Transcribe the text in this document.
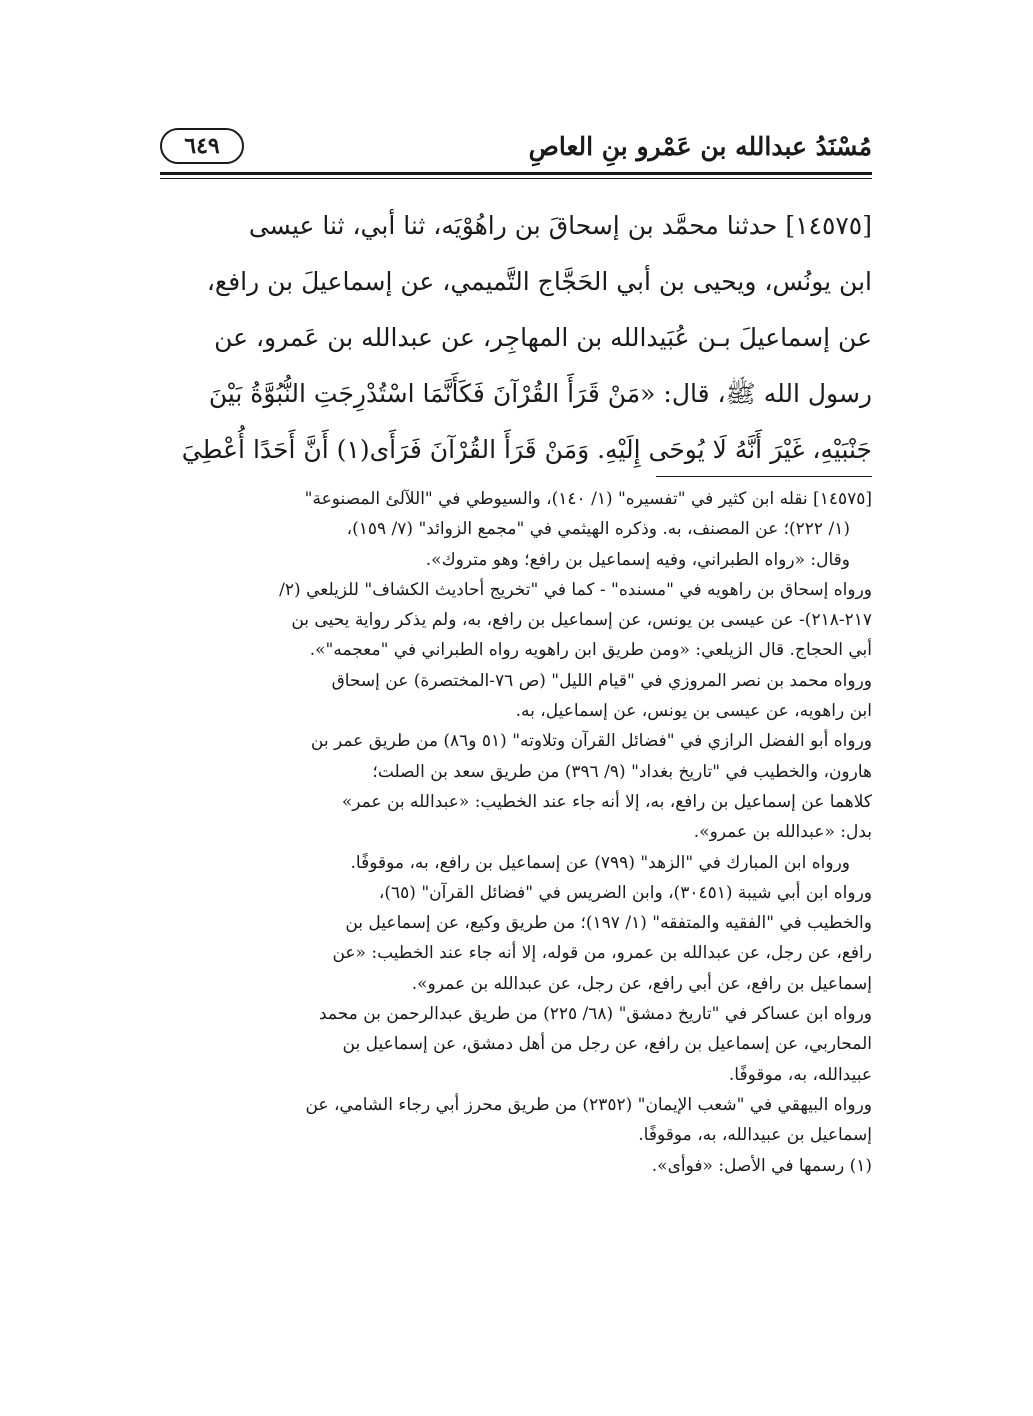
مُسْنَدُ عبدالله بن عَمْرو بنِ العاصِ
٦٤٩
[١٤٥٧٥] حدثنا محمَّد بن إسحاقَ بن راهُوْيَه، ثنا أبي، ثنا عيسى
ابن يونُس، ويحيى بن أبي الحَجَّاج التَّميمي، عن إسماعيلَ بن رافع،
عن إسماعيلَ بـن عُبَيدالله بن المهاجِر، عن عبدالله بن عَمرو، عن
رسول الله ﷺ، قال: «مَنْ قَرَأَ القُرْآنَ فَكَأَنَّمَا اسْتُدْرِجَتِ النُّبُوَّةُ بَيْنَ
جَنْبَيْهِ، غَيْرَ أَنَّهُ لَا يُوحَى إِلَيْهِ. وَمَنْ قَرَأَ القُرْآنَ فَرَأَى(١) أَنَّ أَحَدًا أُعْطِيَ
[١٤٥٧٥] نقله ابن كثير في "تفسيره" (١/ ١٤٠)، والسيوطي في "اللآلئ المصنوعة"
(١/ ٢٢٢)؛ عن المصنف، به. وذكره الهيثمي في "مجمع الزوائد" (٧/ ١٥٩)،
وقال: «رواه الطبراني، وفيه إسماعيل بن رافع؛ وهو متروك».
ورواه إسحاق بن راهويه في "مسنده" - كما في "تخريج أحاديث الكشاف" للزيلعي (٢/
٢١٧-٢١٨)- عن عيسى بن يونس، عن إسماعيل بن رافع، به، ولم يذكر رواية يحيى بن
أبي الحجاج. قال الزيلعي: «ومن طريق ابن راهويه رواه الطبراني في "معجمه"».
ورواه محمد بن نصر المروزي في "قيام الليل" (ص ٧٦-المختصرة) عن إسحاق
ابن راهويه، عن عيسى بن يونس، عن إسماعيل، به.
ورواه أبو الفضل الرازي في "فضائل القرآن وتلاوته" (٥١ و٨٦) من طريق عمر بن
هارون، والخطيب في "تاريخ بغداد" (٩/ ٣٩٦) من طريق سعد بن الصلت؛
كلاهما عن إسماعيل بن رافع، به، إلا أنه جاء عند الخطيب: «عبدالله بن عمر»
بدل: «عبدالله بن عمرو».
ورواه ابن المبارك في "الزهد" (٧٩٩) عن إسماعيل بن رافع، به، موقوفًا.
ورواه ابن أبي شيبة (٣٠٤٥١)، وابن الضريس في "فضائل القرآن" (٦٥)،
والخطيب في "الفقيه والمتفقه" (١/ ١٩٧)؛ من طريق وكيع، عن إسماعيل بن
رافع، عن رجل، عن عبدالله بن عمرو، من قوله، إلا أنه جاء عند الخطيب: «عن
إسماعيل بن رافع، عن أبي رافع، عن رجل، عن عبدالله بن عمرو».
ورواه ابن عساكر في "تاريخ دمشق" (٦٨/ ٢٢٥) من طريق عبدالرحمن بن محمد
المحاربي، عن إسماعيل بن رافع، عن رجل من أهل دمشق، عن إسماعيل بن
عبيدالله، به، موقوفًا.
ورواه البيهقي في "شعب الإيمان" (٢٣٥٢) من طريق محرز أبي رجاء الشامي، عن
إسماعيل بن عبيدالله، به، موقوفًا.
(١) رسمها في الأصل: «فوأى».
